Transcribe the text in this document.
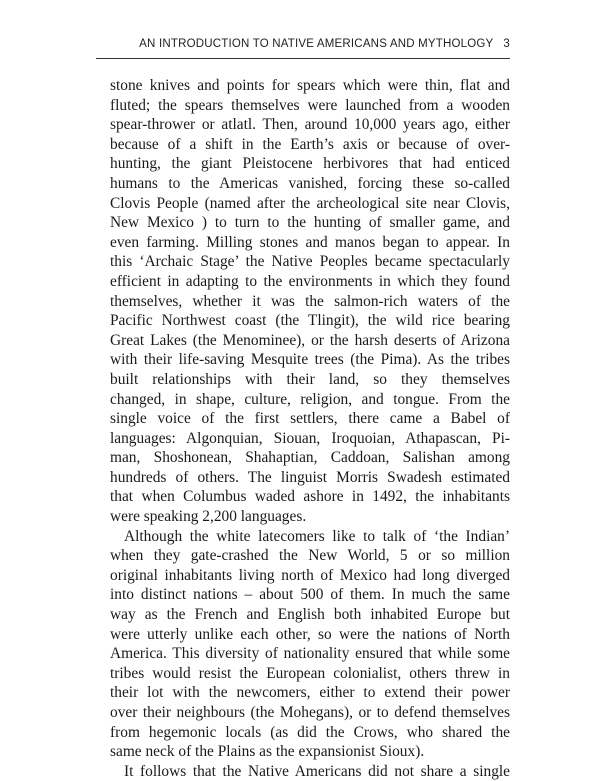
AN INTRODUCTION TO NATIVE AMERICANS AND MYTHOLOGY 3
stone knives and points for spears which were thin, flat and
fluted; the spears themselves were launched from a wooden
spear-thrower or atlatl. Then, around 10,000 years ago, either
because of a shift in the Earth’s axis or because of over-
hunting, the giant Pleistocene herbivores that had enticed
humans to the Americas vanished, forcing these so-called
Clovis People (named after the archeological site near Clovis,
New Mexico ) to turn to the hunting of smaller game, and
even farming. Milling stones and manos began to appear. In
this ‘Archaic Stage’ the Native Peoples became spectacularly
efficient in adapting to the environments in which they found
themselves, whether it was the salmon-rich waters of the
Pacific Northwest coast (the Tlingit), the wild rice bearing
Great Lakes (the Menominee), or the harsh deserts of Arizona
with their life-saving Mesquite trees (the Pima). As the tribes
built relationships with their land, so they themselves
changed, in shape, culture, religion, and tongue. From the
single voice of the first settlers, there came a Babel of
languages: Algonquian, Siouan, Iroquoian, Athapascan, Pi-
man, Shoshonean, Shahaptian, Caddoan, Salishan among
hundreds of others. The linguist Morris Swadesh estimated
that when Columbus waded ashore in 1492, the inhabitants
were speaking 2,200 languages.
Although the white latecomers like to talk of ‘the Indian’
when they gate-crashed the New World, 5 or so million
original inhabitants living north of Mexico had long diverged
into distinct nations – about 500 of them. In much the same
way as the French and English both inhabited Europe but
were utterly unlike each other, so were the nations of North
America. This diversity of nationality ensured that while some
tribes would resist the European colonialist, others threw in
their lot with the newcomers, either to extend their power
over their neighbours (the Mohegans), or to defend themselves
from hegemonic locals (as did the Crows, who shared the
same neck of the Plains as the expansionist Sioux).
It follows that the Native Americans did not share a single
